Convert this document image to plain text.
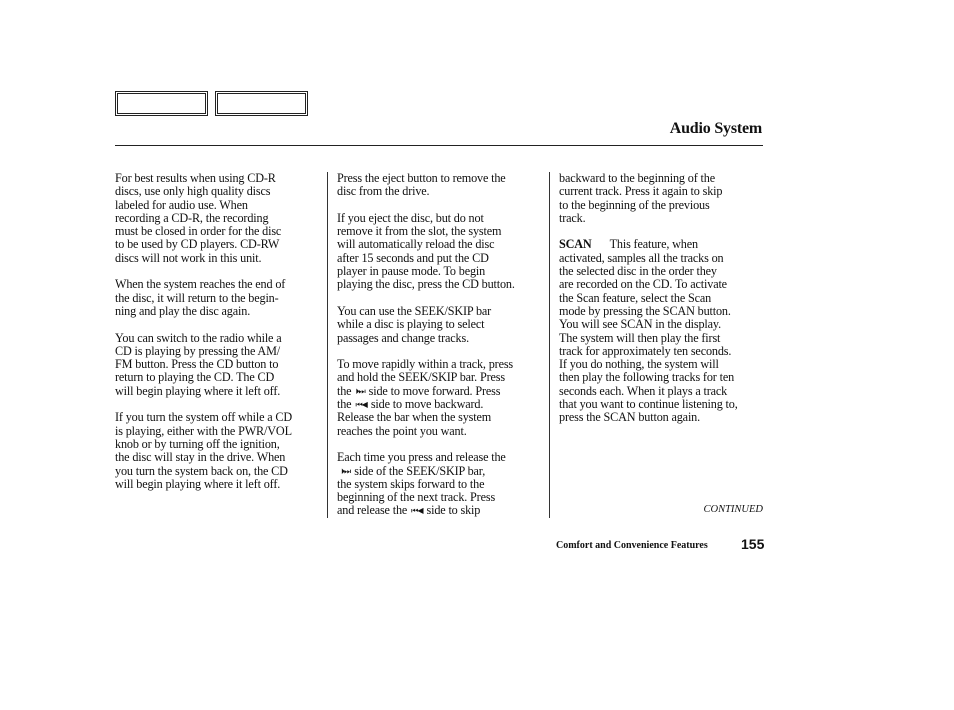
Audio System

For best results when using CD-R
discs, use only high quality discs
labeled for audio use. When
recording a CD-R, the recording
must be closed in order for the disc
to be used by CD players. CD-RW
discs will not work in this unit.

When the system reaches the end of
the disc, it will return to the begin-
ning and play the disc again.

You can switch to the radio while a
CD is playing by pressing the AM/
FM button. Press the CD button to
return to playing the CD. The CD
will begin playing where it left off.

If you turn the system off while a CD
is playing, either with the PWR/VOL
knob or by turning off the ignition,
the disc will stay in the drive. When
you turn the system back on, the CD
will begin playing where it left off.

Press the eject button to remove the
disc from the drive.

If you eject the disc, but do not
remove it from the slot, the system
will automatically reload the disc
after 15 seconds and put the CD
player in pause mode. To begin
playing the disc, press the CD button.

You can use the SEEK/SKIP bar
while a disc is playing to select
passages and change tracks.

To move rapidly within a track, press
and hold the SEEK/SKIP bar. Press
the ⏵⏭ side to move forward. Press
the ⏮◀ side to move backward.
Release the bar when the system
reaches the point you want.

Each time you press and release the
⏵⏭ side of the SEEK/SKIP bar,
the system skips forward to the
beginning of the next track. Press
and release the ⏮◀ side to skip

backward to the beginning of the
current track. Press it again to skip
to the beginning of the previous
track.

SCAN This feature, when
activated, samples all the tracks on
the selected disc in the order they
are recorded on the CD. To activate
the Scan feature, select the Scan
mode by pressing the SCAN button.
You will see SCAN in the display.
The system will then play the first
track for approximately ten seconds.
If you do nothing, the system will
then play the following tracks for ten
seconds each. When it plays a track
that you want to continue listening to,
press the SCAN button again.

CONTINUED
Comfort and Convenience Features 155
